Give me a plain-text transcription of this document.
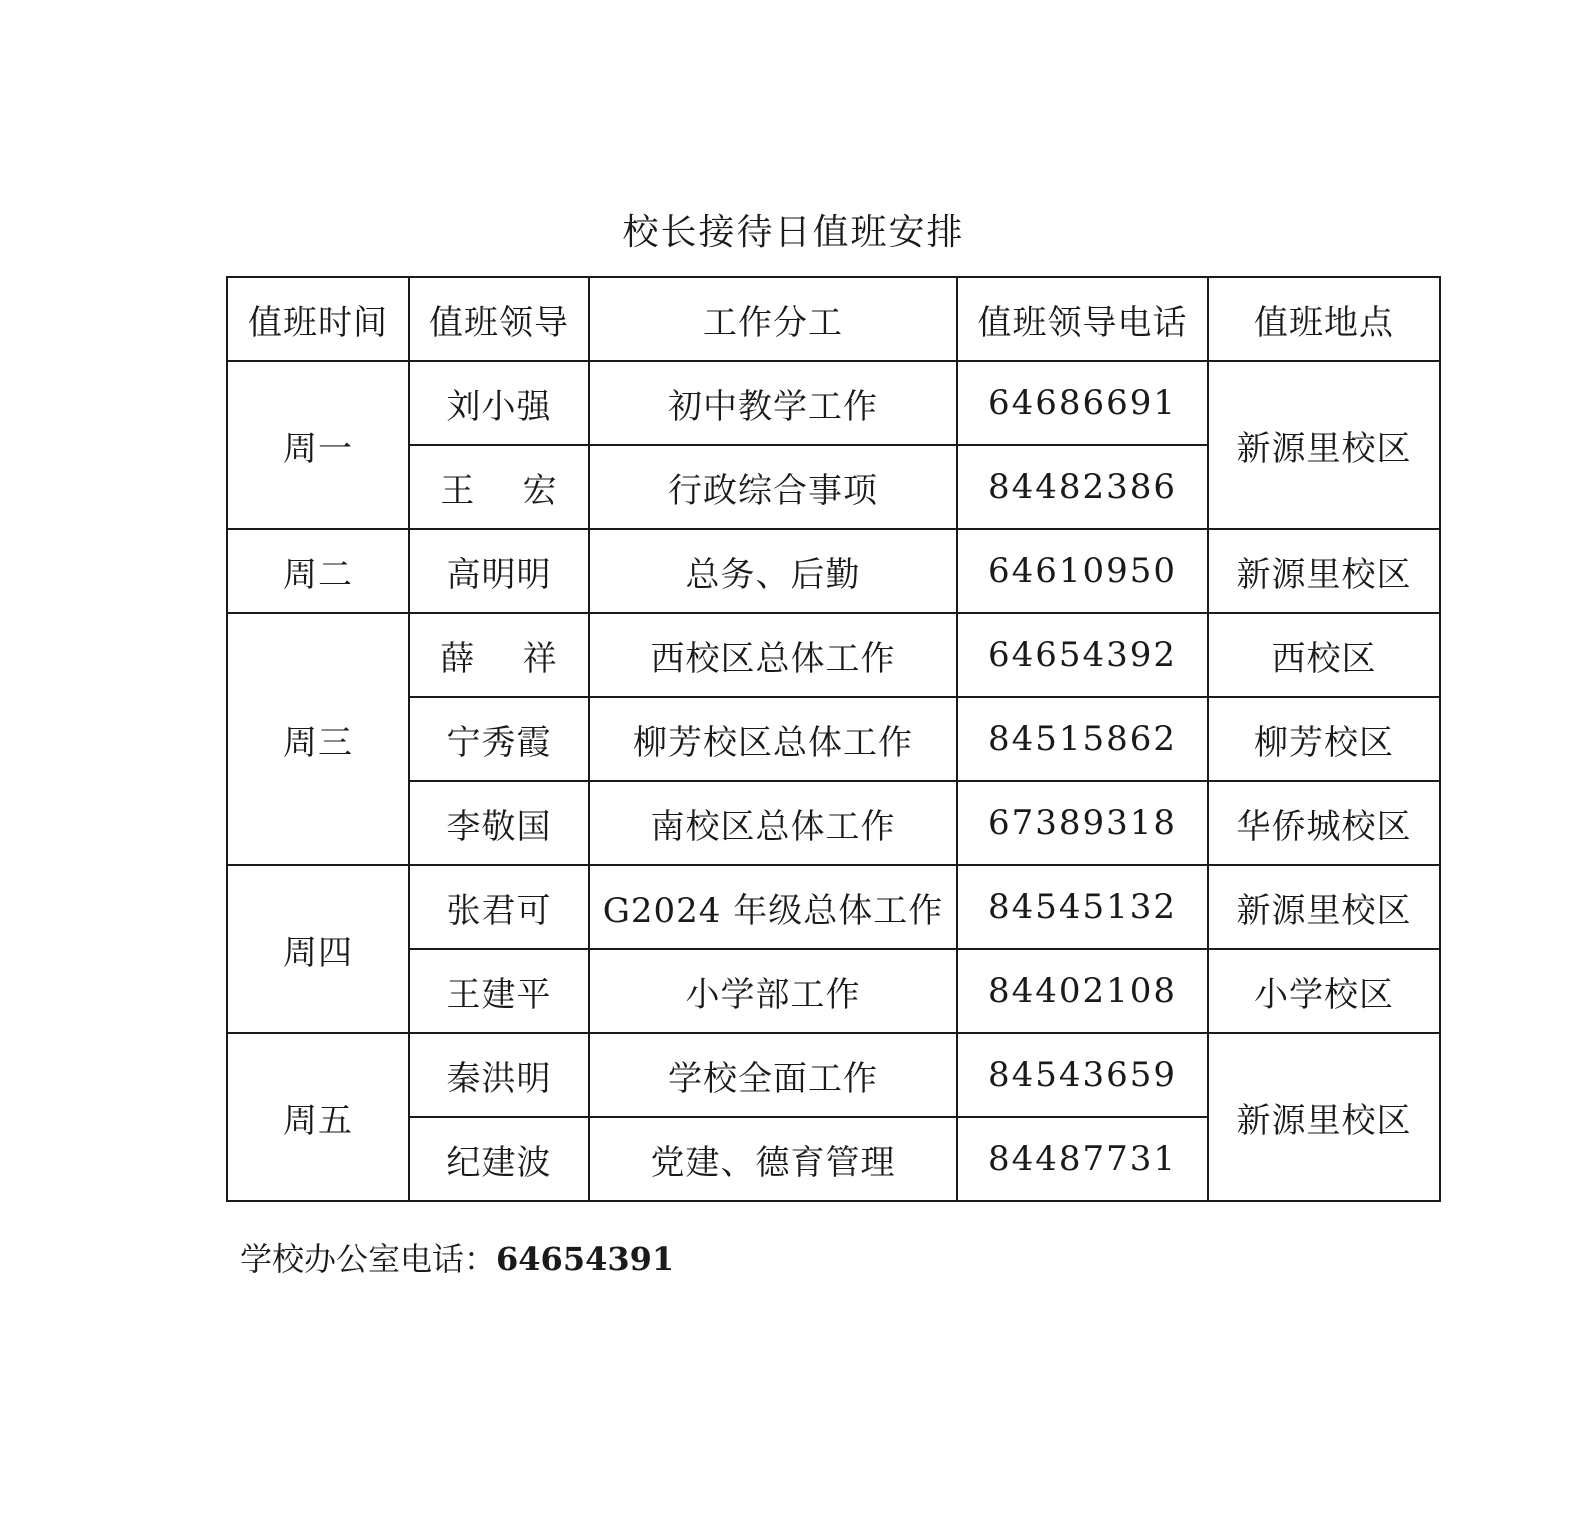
校长接待日值班安排
值班时间	值班领导	工作分工	值班领导电话	值班地点
周一	刘小强	初中教学工作	64686691	新源里校区
	王    宏	行政综合事项	84482386	
周二	高明明	总务、后勤	64610950	新源里校区
周三	薛    祥	西校区总体工作	64654392	西校区
	宁秀霞	柳芳校区总体工作	84515862	柳芳校区
	李敬国	南校区总体工作	67389318	华侨城校区
周四	张君可	G2024 年级总体工作	84545132	新源里校区
	王建平	小学部工作	84402108	小学校区
周五	秦洪明	学校全面工作	84543659	新源里校区
	纪建波	党建、德育管理	84487731	
学校办公室电话：64654391
